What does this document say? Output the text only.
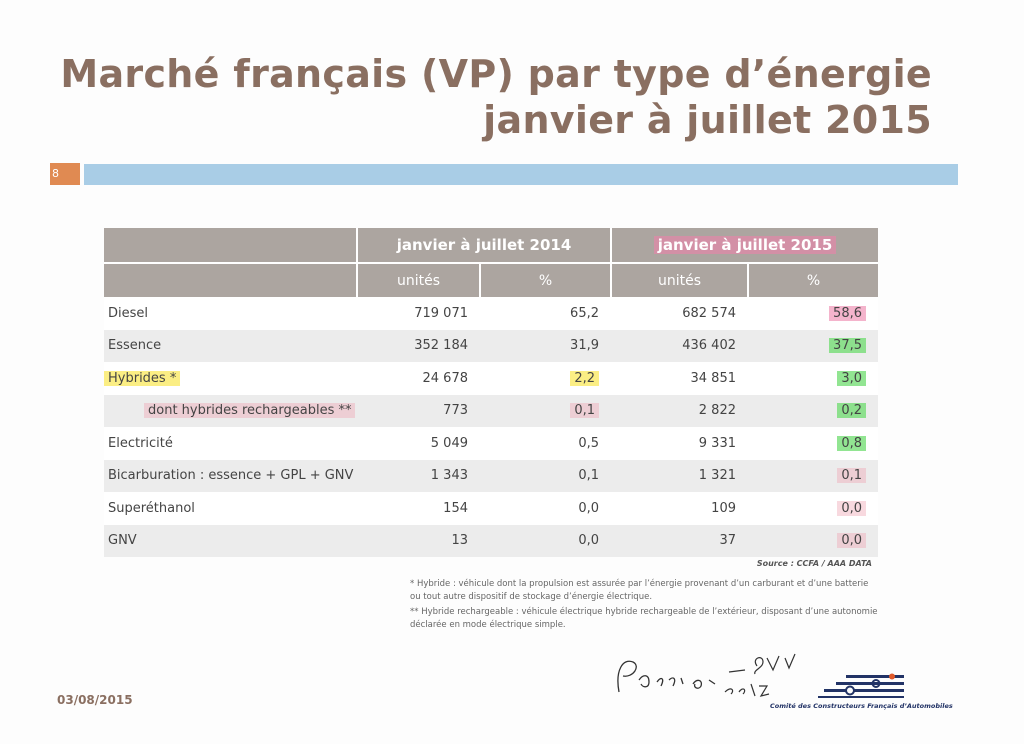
Marché français (VP) par type d’énergie
janvier à juillet 2015
8
	janvier à juillet 2014		janvier à juillet 2015	
	unités	%	unités	%
Diesel	719 071	65,2	682 574	58,6
Essence	352 184	31,9	436 402	37,5
Hybrides *	24 678	2,2	34 851	3,0
dont hybrides rechargeables **	773	0,1	2 822	0,2
Electricité	5 049	0,5	9 331	0,8
Bicarburation : essence + GPL + GNV	1 343	0,1	1 321	0,1
Superéthanol	154	0,0	109	0,0
GNV	13	0,0	37	0,0
Source : CCFA / AAA DATA
* Hybride : véhicule dont la propulsion est assurée par l’énergie provenant d’un carburant et d’une batterie ou tout autre dispositif de stockage d’énergie électrique.
** Hybride rechargeable : véhicule électrique hybride rechargeable de l’extérieur, disposant d’une autonomie déclarée en mode électrique simple.
03/08/2015	Comité des Constructeurs Français d’Automobiles
